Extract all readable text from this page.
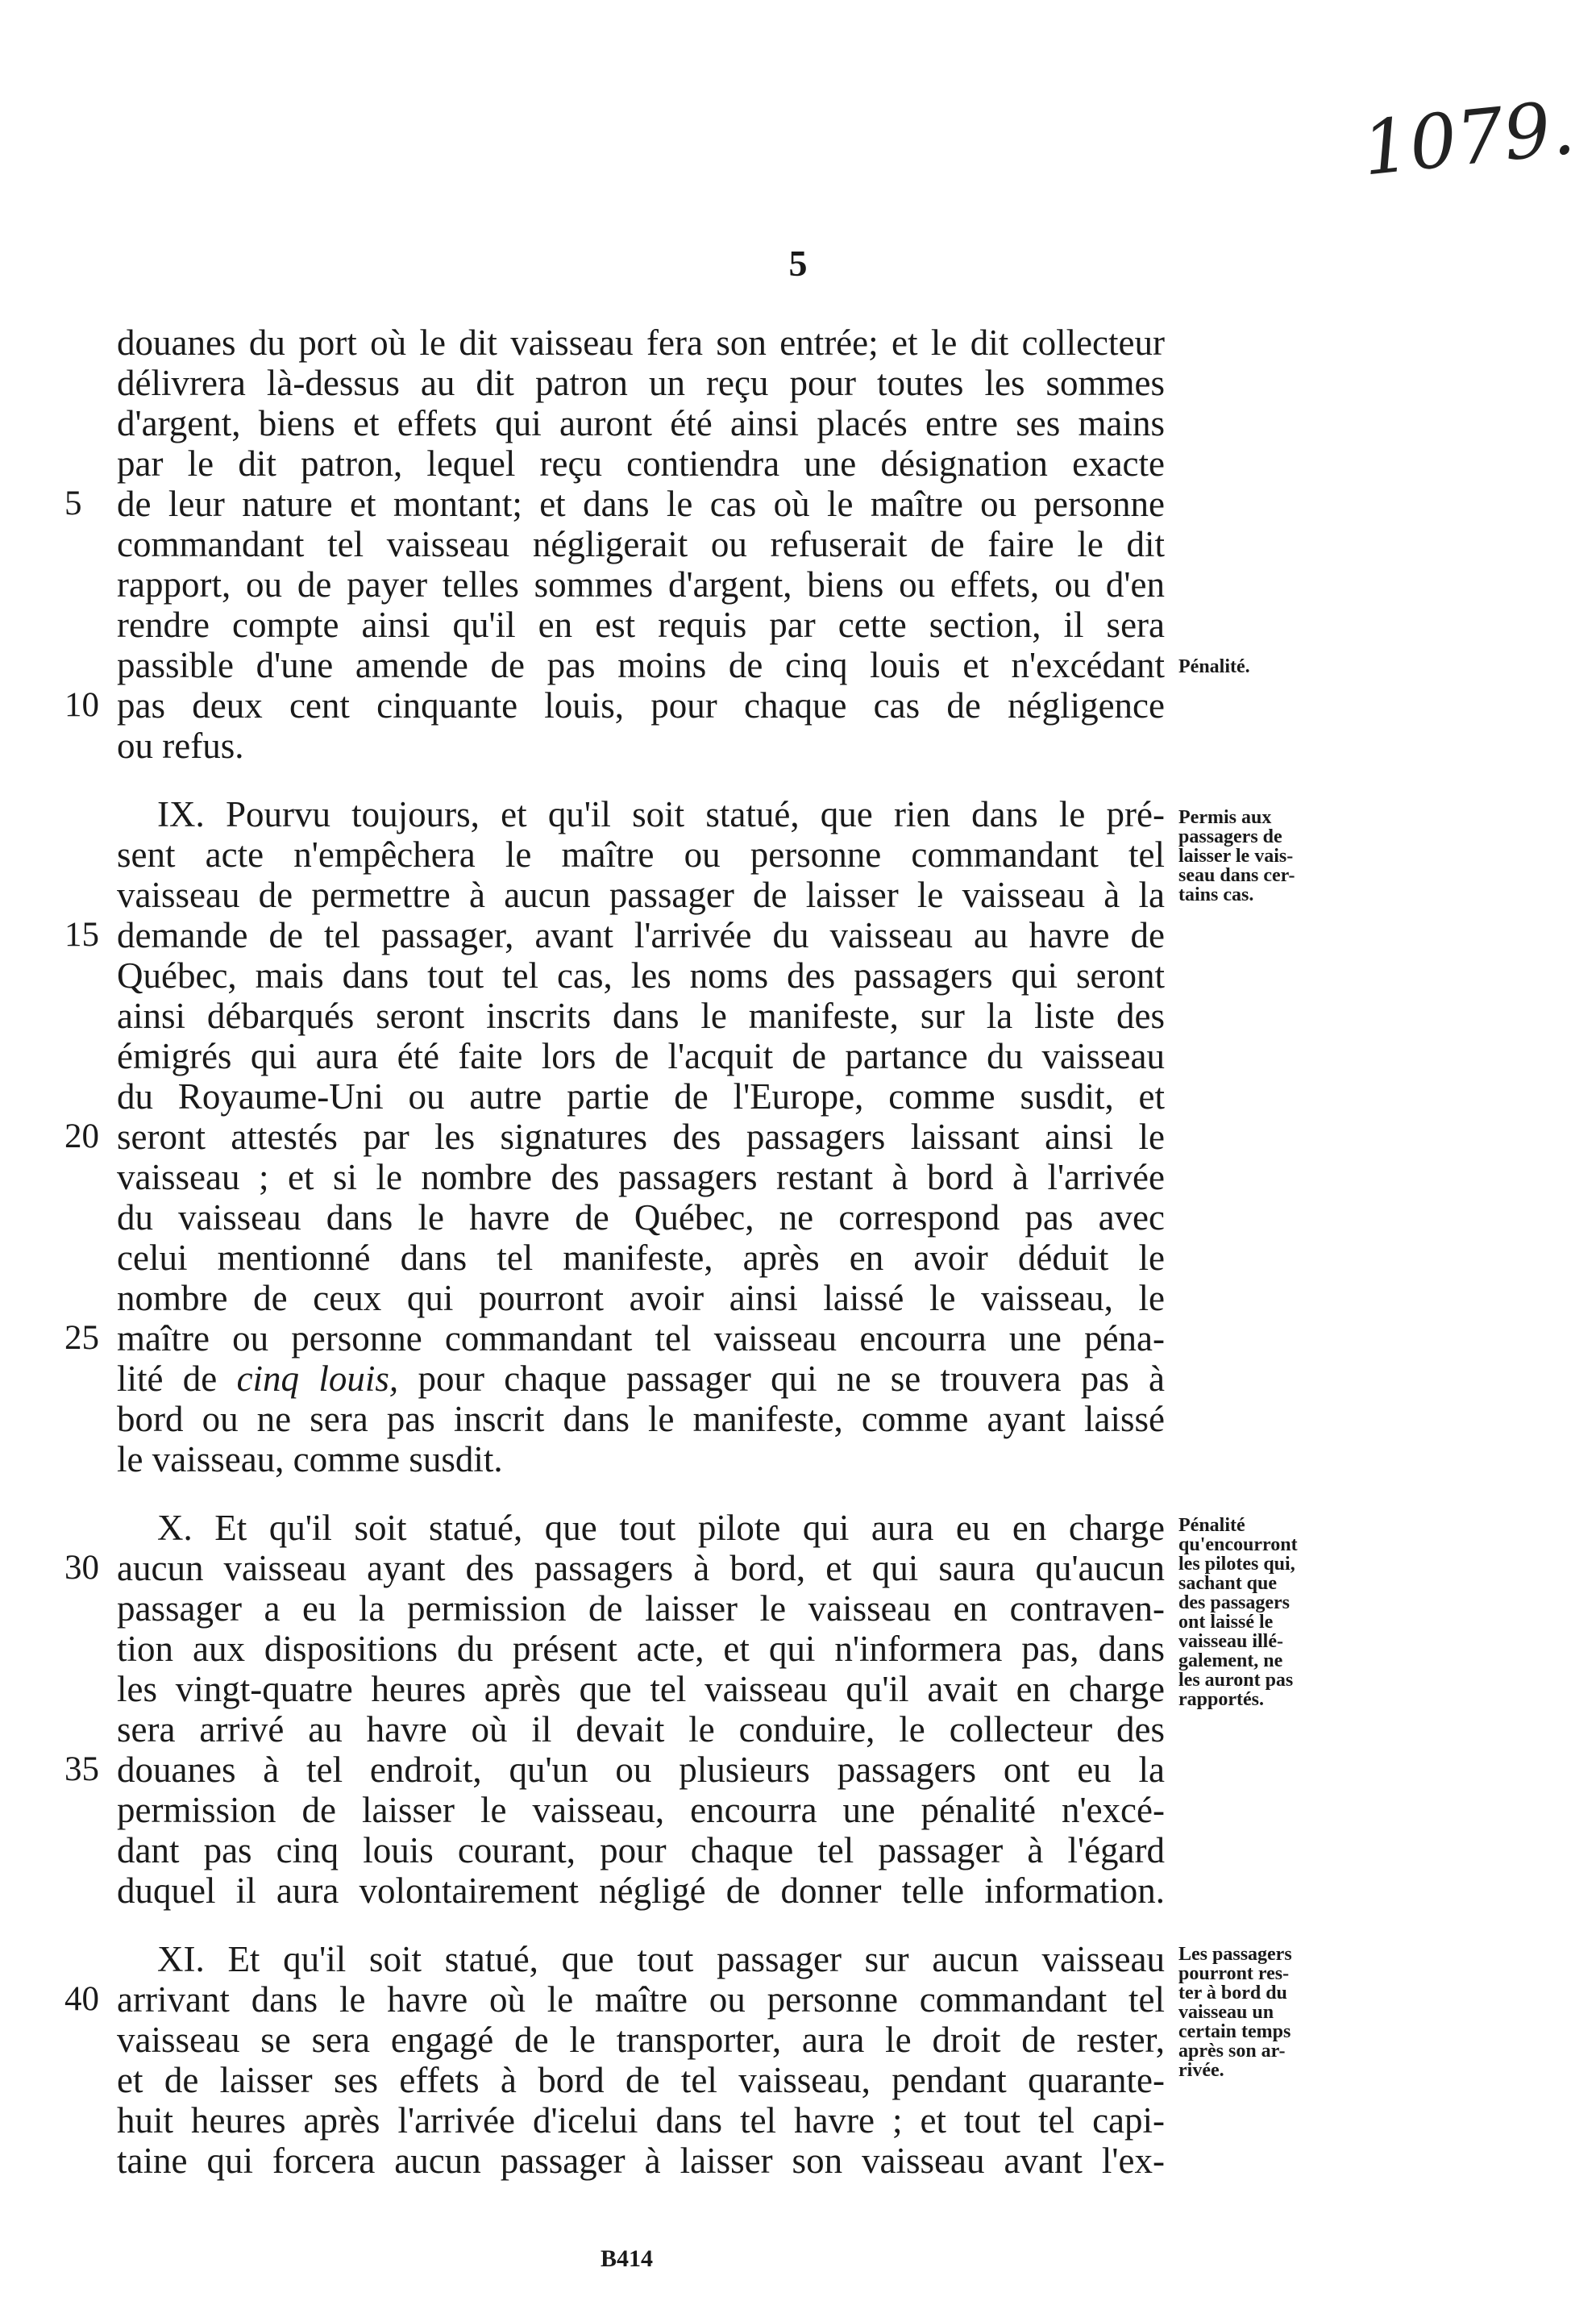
1079.
5
douanes du port où le dit vaisseau fera son entrée; et le dit collecteur
délivrera là-dessus au dit patron un reçu pour toutes les sommes
d'argent, biens et effets qui auront été ainsi placés entre ses mains
par le dit patron, lequel reçu contiendra une désignation exacte
5 de leur nature et montant; et dans le cas où le maître ou personne
commandant tel vaisseau négligerait ou refuserait de faire le dit
rapport, ou de payer telles sommes d'argent, biens ou effets, ou d'en
rendre compte ainsi qu'il en est requis par cette section, il sera
passible d'une amende de pas moins de cinq louis et n'excédant
10 pas deux cent cinquante louis, pour chaque cas de négligence
ou refus.
IX. Pourvu toujours, et qu'il soit statué, que rien dans le pré-
sent acte n'empêchera le maître ou personne commandant tel
vaisseau de permettre à aucun passager de laisser le vaisseau à la
15 demande de tel passager, avant l'arrivée du vaisseau au havre de
Québec, mais dans tout tel cas, les noms des passagers qui seront
ainsi débarqués seront inscrits dans le manifeste, sur la liste des
émigrés qui aura été faite lors de l'acquit de partance du vaisseau
du Royaume-Uni ou autre partie de l'Europe, comme susdit, et
20 seront attestés par les signatures des passagers laissant ainsi le
vaisseau ; et si le nombre des passagers restant à bord à l'arrivée
du vaisseau dans le havre de Québec, ne correspond pas avec
celui mentionné dans tel manifeste, après en avoir déduit le
nombre de ceux qui pourront avoir ainsi laissé le vaisseau, le
25 maître ou personne commandant tel vaisseau encourra une péna-
lité de cinq louis, pour chaque passager qui ne se trouvera pas à
bord ou ne sera pas inscrit dans le manifeste, comme ayant laissé
le vaisseau, comme susdit.
X. Et qu'il soit statué, que tout pilote qui aura eu en charge
30 aucun vaisseau ayant des passagers à bord, et qui saura qu'aucun
passager a eu la permission de laisser le vaisseau en contraven-
tion aux dispositions du présent acte, et qui n'informera pas, dans
les vingt-quatre heures après que tel vaisseau qu'il avait en charge
sera arrivé au havre où il devait le conduire, le collecteur des
35 douanes à tel endroit, qu'un ou plusieurs passagers ont eu la
permission de laisser le vaisseau, encourra une pénalité n'excé-
dant pas cinq louis courant, pour chaque tel passager à l'égard
duquel il aura volontairement négligé de donner telle information.
XI. Et qu'il soit statué, que tout passager sur aucun vaisseau
40 arrivant dans le havre où le maître ou personne commandant tel
vaisseau se sera engagé de le transporter, aura le droit de rester,
et de laisser ses effets à bord de tel vaisseau, pendant quarante-
huit heures après l'arrivée d'icelui dans tel havre ; et tout tel capi-
taine qui forcera aucun passager à laisser son vaisseau avant l'ex-
Pénalité.
Permis aux
passagers de
laisser le vais-
seau dans cer-
tains cas.
Pénalité
qu'encourront
les pilotes qui,
sachant que
des passagers
ont laissé le
vaisseau illé-
galement, ne
les auront pas
rapportés.
Les passagers
pourront res-
ter à bord du
vaisseau un
certain temps
après son ar-
rivée.
B414
